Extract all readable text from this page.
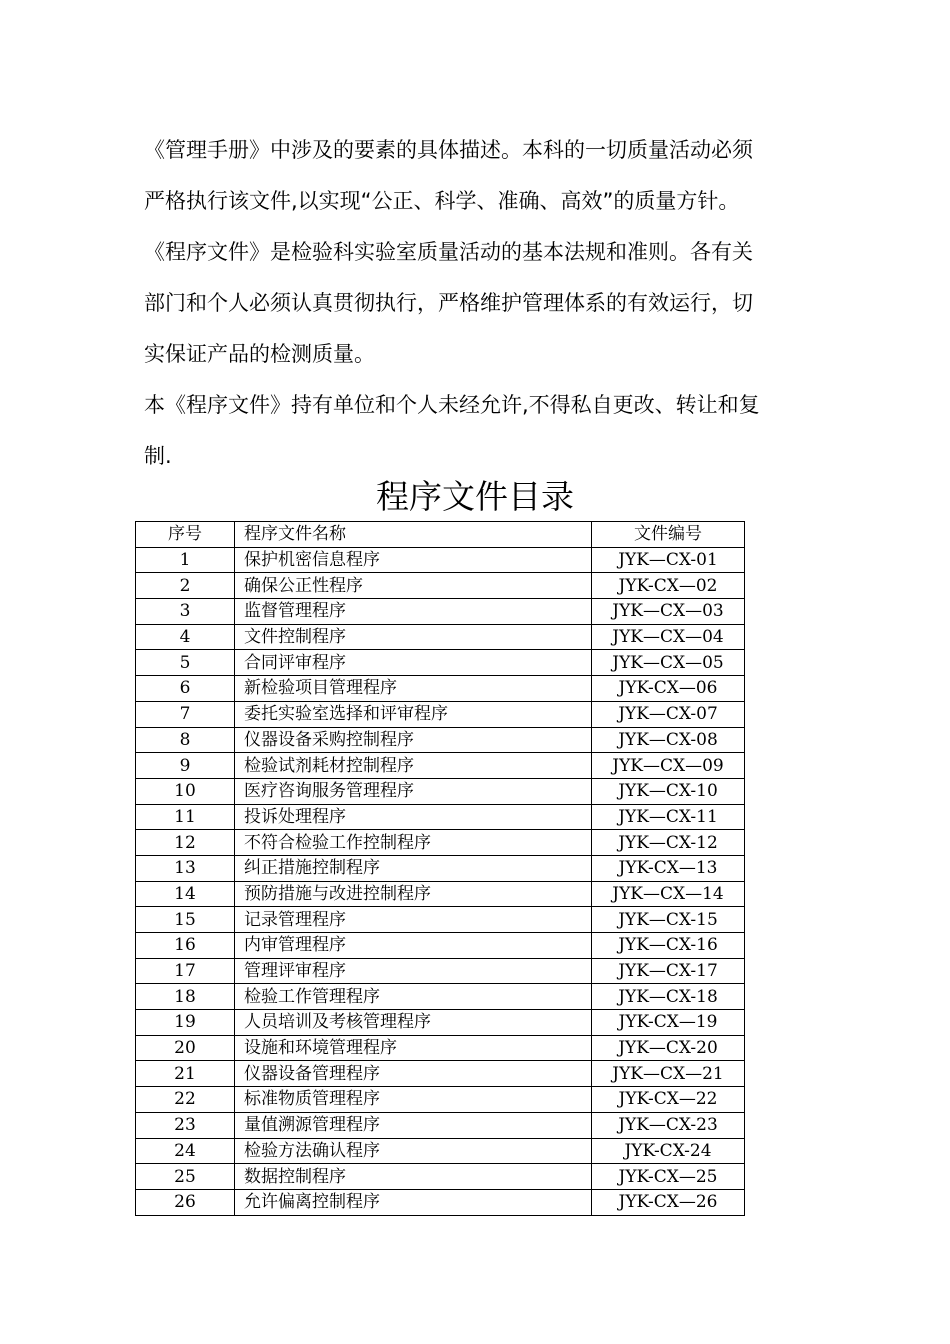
《管理手册》中涉及的要素的具体描述。本科的一切质量活动必须

严格执行该文件,以实现“公正、科学、准确、高效”的质量方针。

《程序文件》是检验科实验室质量活动的基本法规和准则。各有关

部门和个人必须认真贯彻执行，严格维护管理体系的有效运行，切

实保证产品的检测质量。

本《程序文件》持有单位和个人未经允许,不得私自更改、转让和复

制.

程序文件目录
序号	程序文件名称	文件编号
1	保护机密信息程序	JYK—CX-01
2	确保公正性程序	JYK-CX—02
3	监督管理程序	JYK—CX—03
4	文件控制程序	JYK—CX—04
5	合同评审程序	JYK—CX—05
6	新检验项目管理程序	JYK-CX—06
7	委托实验室选择和评审程序	JYK—CX-07
8	仪器设备采购控制程序	JYK—CX-08
9	检验试剂耗材控制程序	JYK—CX—09
10	医疗咨询服务管理程序	JYK—CX-10
11	投诉处理程序	JYK—CX-11
12	不符合检验工作控制程序	JYK—CX-12
13	纠正措施控制程序	JYK-CX—13
14	预防措施与改进控制程序	JYK—CX—14
15	记录管理程序	JYK—CX-15
16	内审管理程序	JYK—CX-16
17	管理评审程序	JYK—CX-17
18	检验工作管理程序	JYK—CX-18
19	人员培训及考核管理程序	JYK-CX—19
20	设施和环境管理程序	JYK—CX-20
21	仪器设备管理程序	JYK—CX—21
22	标准物质管理程序	JYK-CX—22
23	量值溯源管理程序	JYK—CX-23
24	检验方法确认程序	JYK-CX-24
25	数据控制程序	JYK-CX—25
26	允许偏离控制程序	JYK-CX—26
